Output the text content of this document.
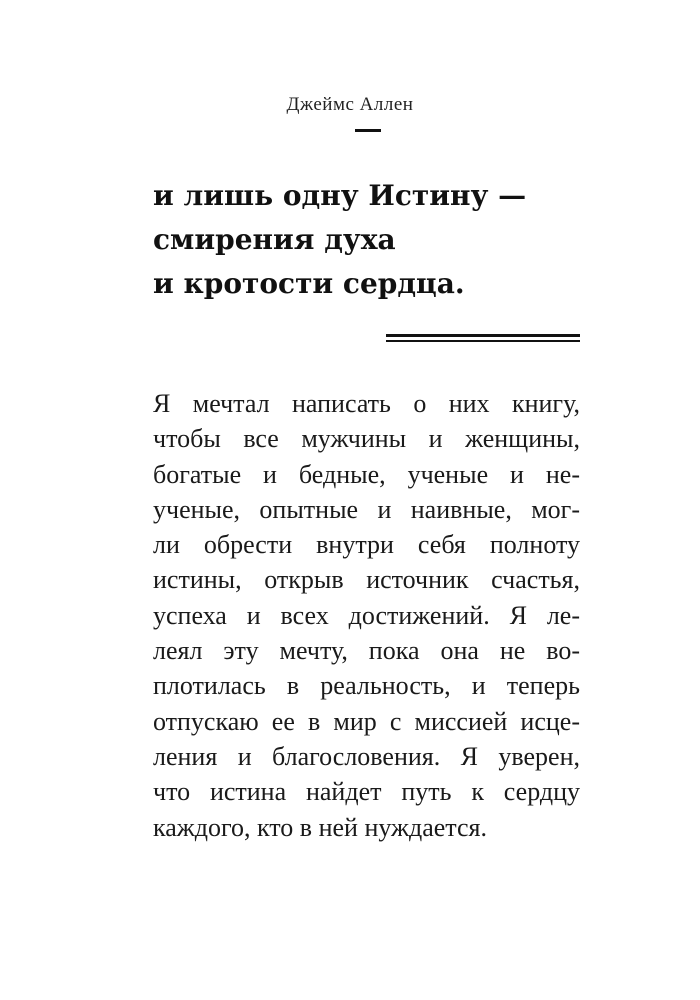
Джеймс Аллен
и лишь одну Истину —
смирения духа
и кротости сердца.
Я мечтал написать о них книгу,
чтобы все мужчины и женщины,
богатые и бедные, ученые и не-
ученые, опытные и наивные, мог-
ли обрести внутри себя полноту
истины, открыв источник счастья,
успеха и всех достижений. Я ле-
леял эту мечту, пока она не во-
плотилась в реальность, и теперь
отпускаю ее в мир с миссией исце-
ления и благословения. Я уверен,
что истина найдет путь к сердцу
каждого, кто в ней нуждается.
